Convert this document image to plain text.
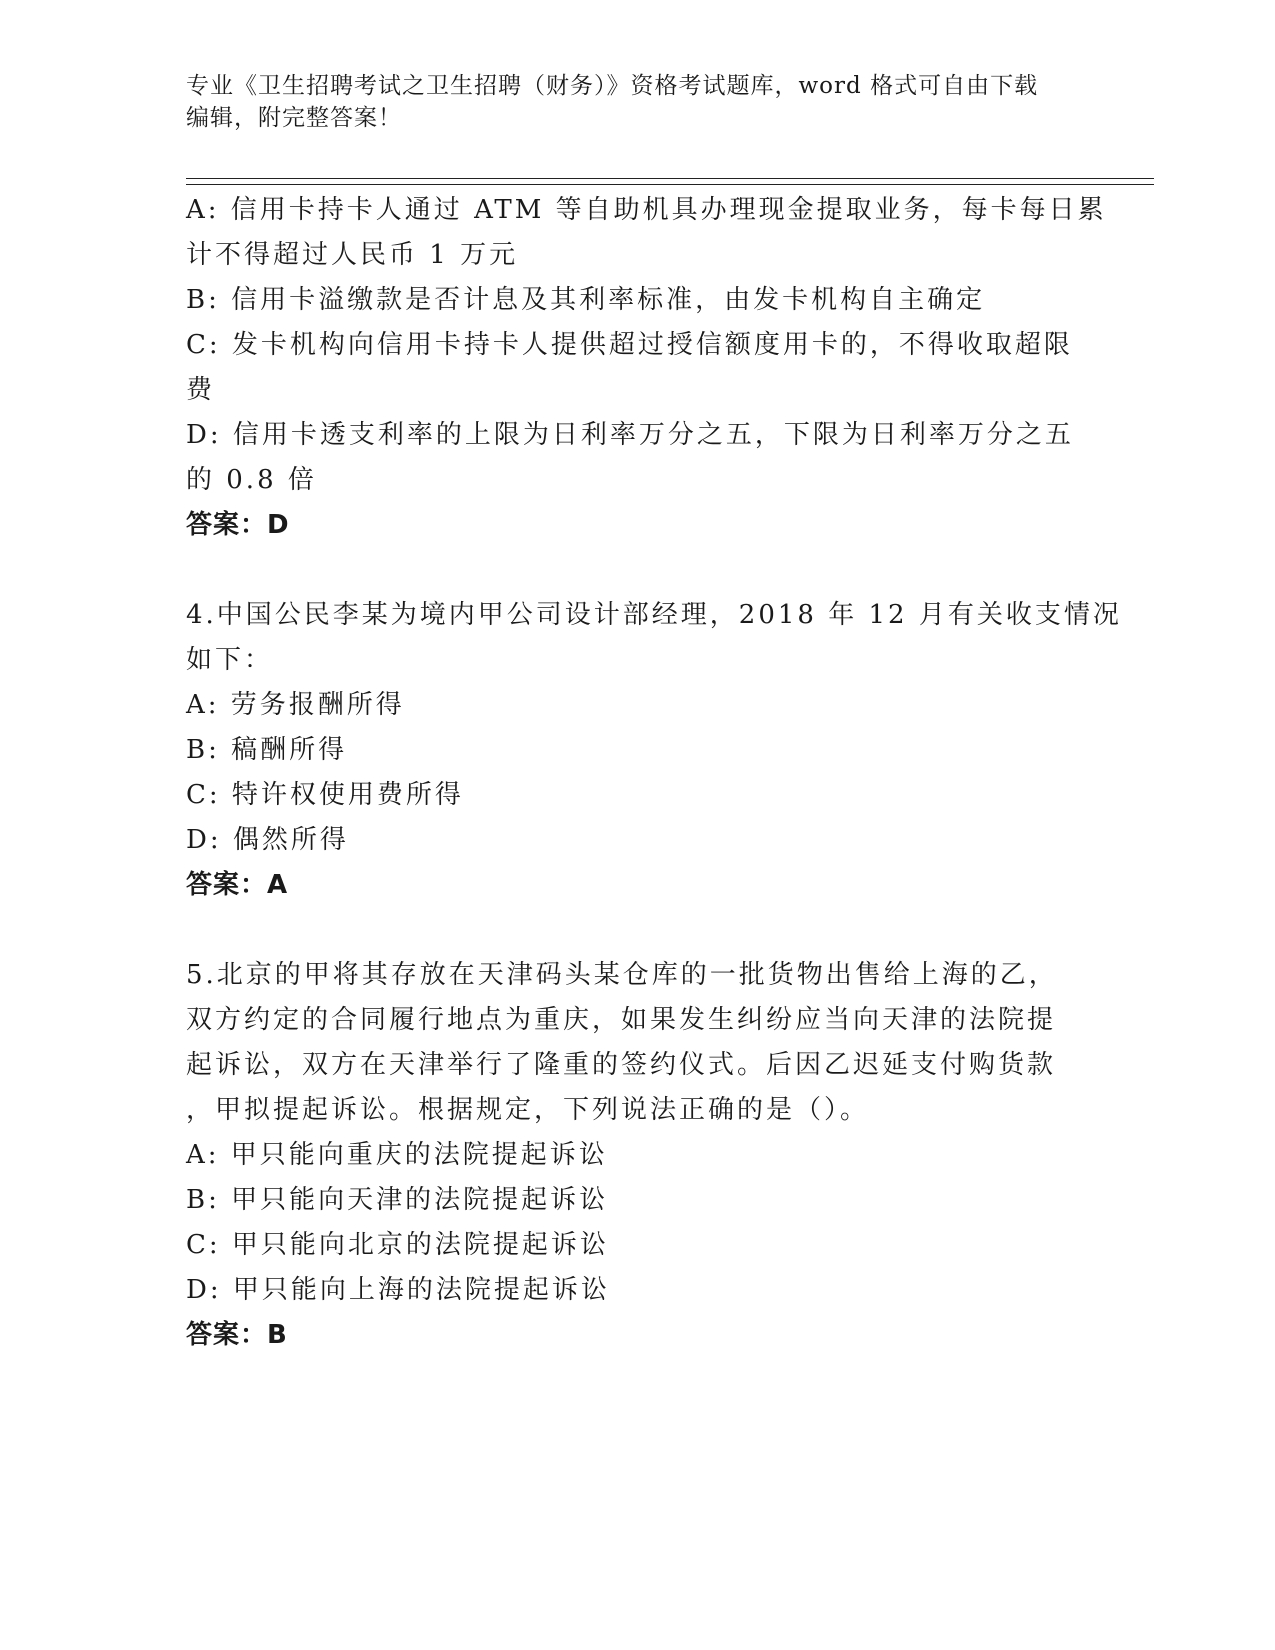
专业《卫生招聘考试之卫生招聘（财务）》资格考试题库，word 格式可自由下载
编辑，附完整答案！
A: 信用卡持卡人通过 ATM 等自助机具办理现金提取业务，每卡每日累
计不得超过人民币 1 万元
B: 信用卡溢缴款是否计息及其利率标准，由发卡机构自主确定
C: 发卡机构向信用卡持卡人提供超过授信额度用卡的，不得收取超限
费
D: 信用卡透支利率的上限为日利率万分之五，下限为日利率万分之五
的 0.8 倍
答案：D
4.中国公民李某为境内甲公司设计部经理，2018 年 12 月有关收支情况
如下：
A: 劳务报酬所得
B: 稿酬所得
C: 特许权使用费所得
D: 偶然所得
答案：A
5.北京的甲将其存放在天津码头某仓库的一批货物出售给上海的乙，
双方约定的合同履行地点为重庆，如果发生纠纷应当向天津的法院提
起诉讼，双方在天津举行了隆重的签约仪式。后因乙迟延支付购货款
，甲拟提起诉讼。根据规定，下列说法正确的是（）。
A: 甲只能向重庆的法院提起诉讼
B: 甲只能向天津的法院提起诉讼
C: 甲只能向北京的法院提起诉讼
D: 甲只能向上海的法院提起诉讼
答案：B
